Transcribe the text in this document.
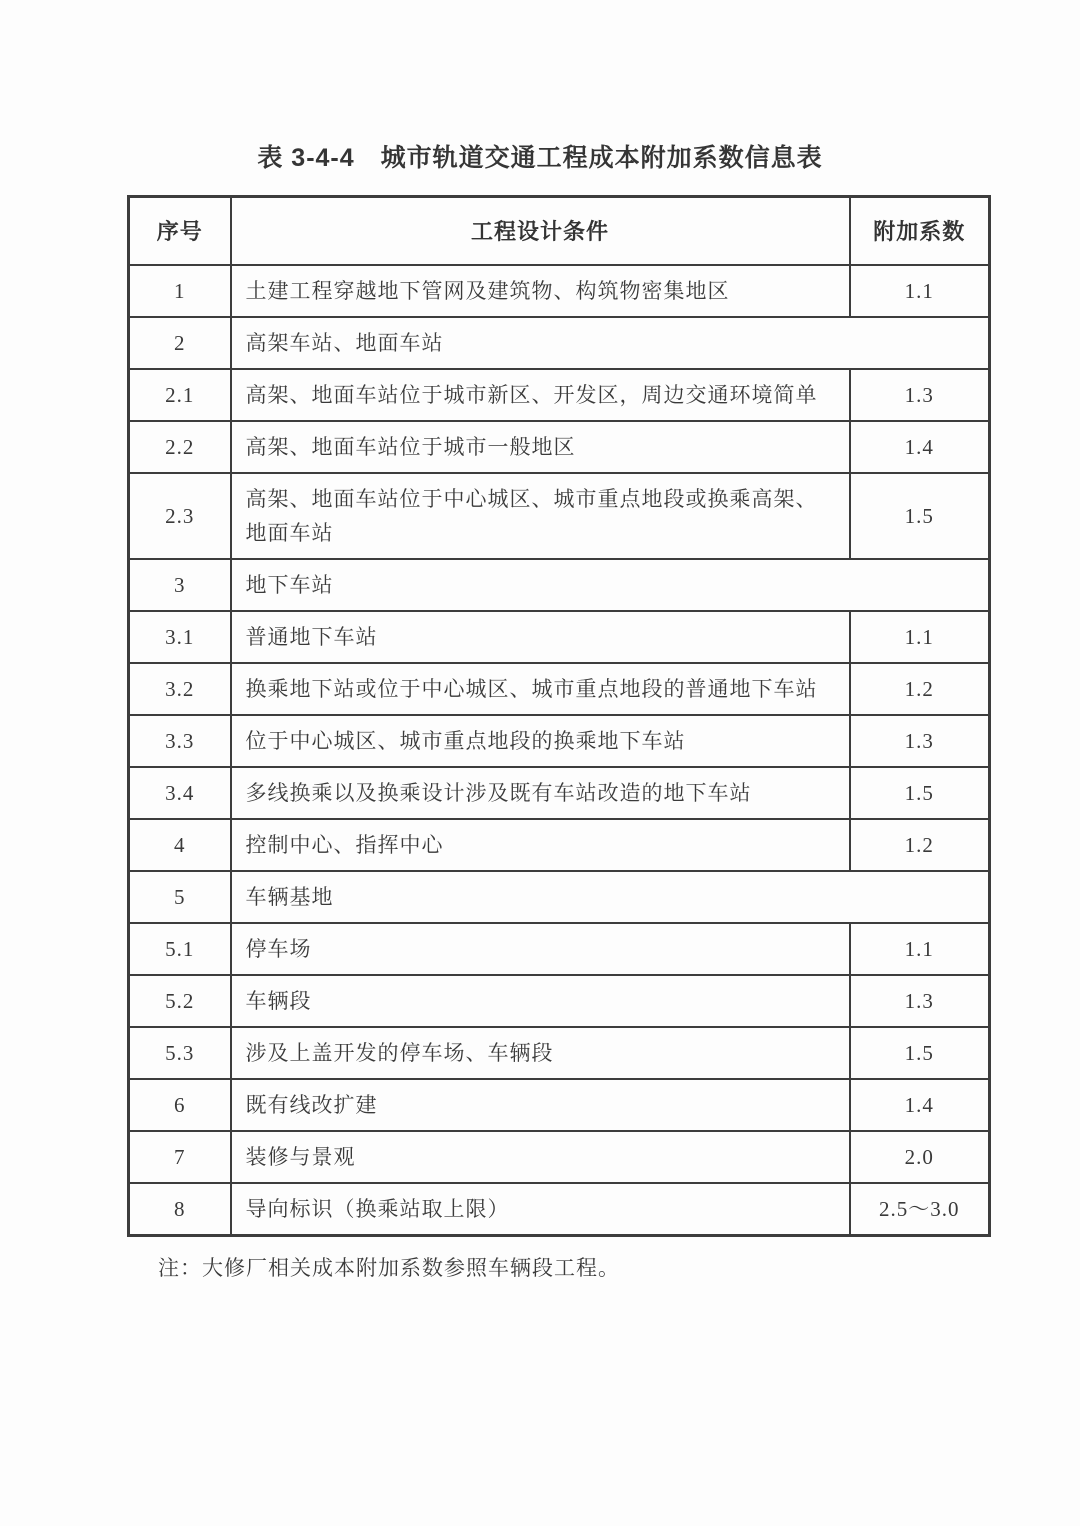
表 3-4-4　城市轨道交通工程成本附加系数信息表
序号	工程设计条件	附加系数
1	土建工程穿越地下管网及建筑物、构筑物密集地区	1.1
2	高架车站、地面车站	
2.1	高架、地面车站位于城市新区、开发区，周边交通环境简单	1.3
2.2	高架、地面车站位于城市一般地区	1.4
2.3	高架、地面车站位于中心城区、城市重点地段或换乘高架、地面车站	1.5
3	地下车站	
3.1	普通地下车站	1.1
3.2	换乘地下站或位于中心城区、城市重点地段的普通地下车站	1.2
3.3	位于中心城区、城市重点地段的换乘地下车站	1.3
3.4	多线换乘以及换乘设计涉及既有车站改造的地下车站	1.5
4	控制中心、指挥中心	1.2
5	车辆基地	
5.1	停车场	1.1
5.2	车辆段	1.3
5.3	涉及上盖开发的停车场、车辆段	1.5
6	既有线改扩建	1.4
7	装修与景观	2.0
8	导向标识（换乘站取上限）	2.5～3.0

注：大修厂相关成本附加系数参照车辆段工程。
